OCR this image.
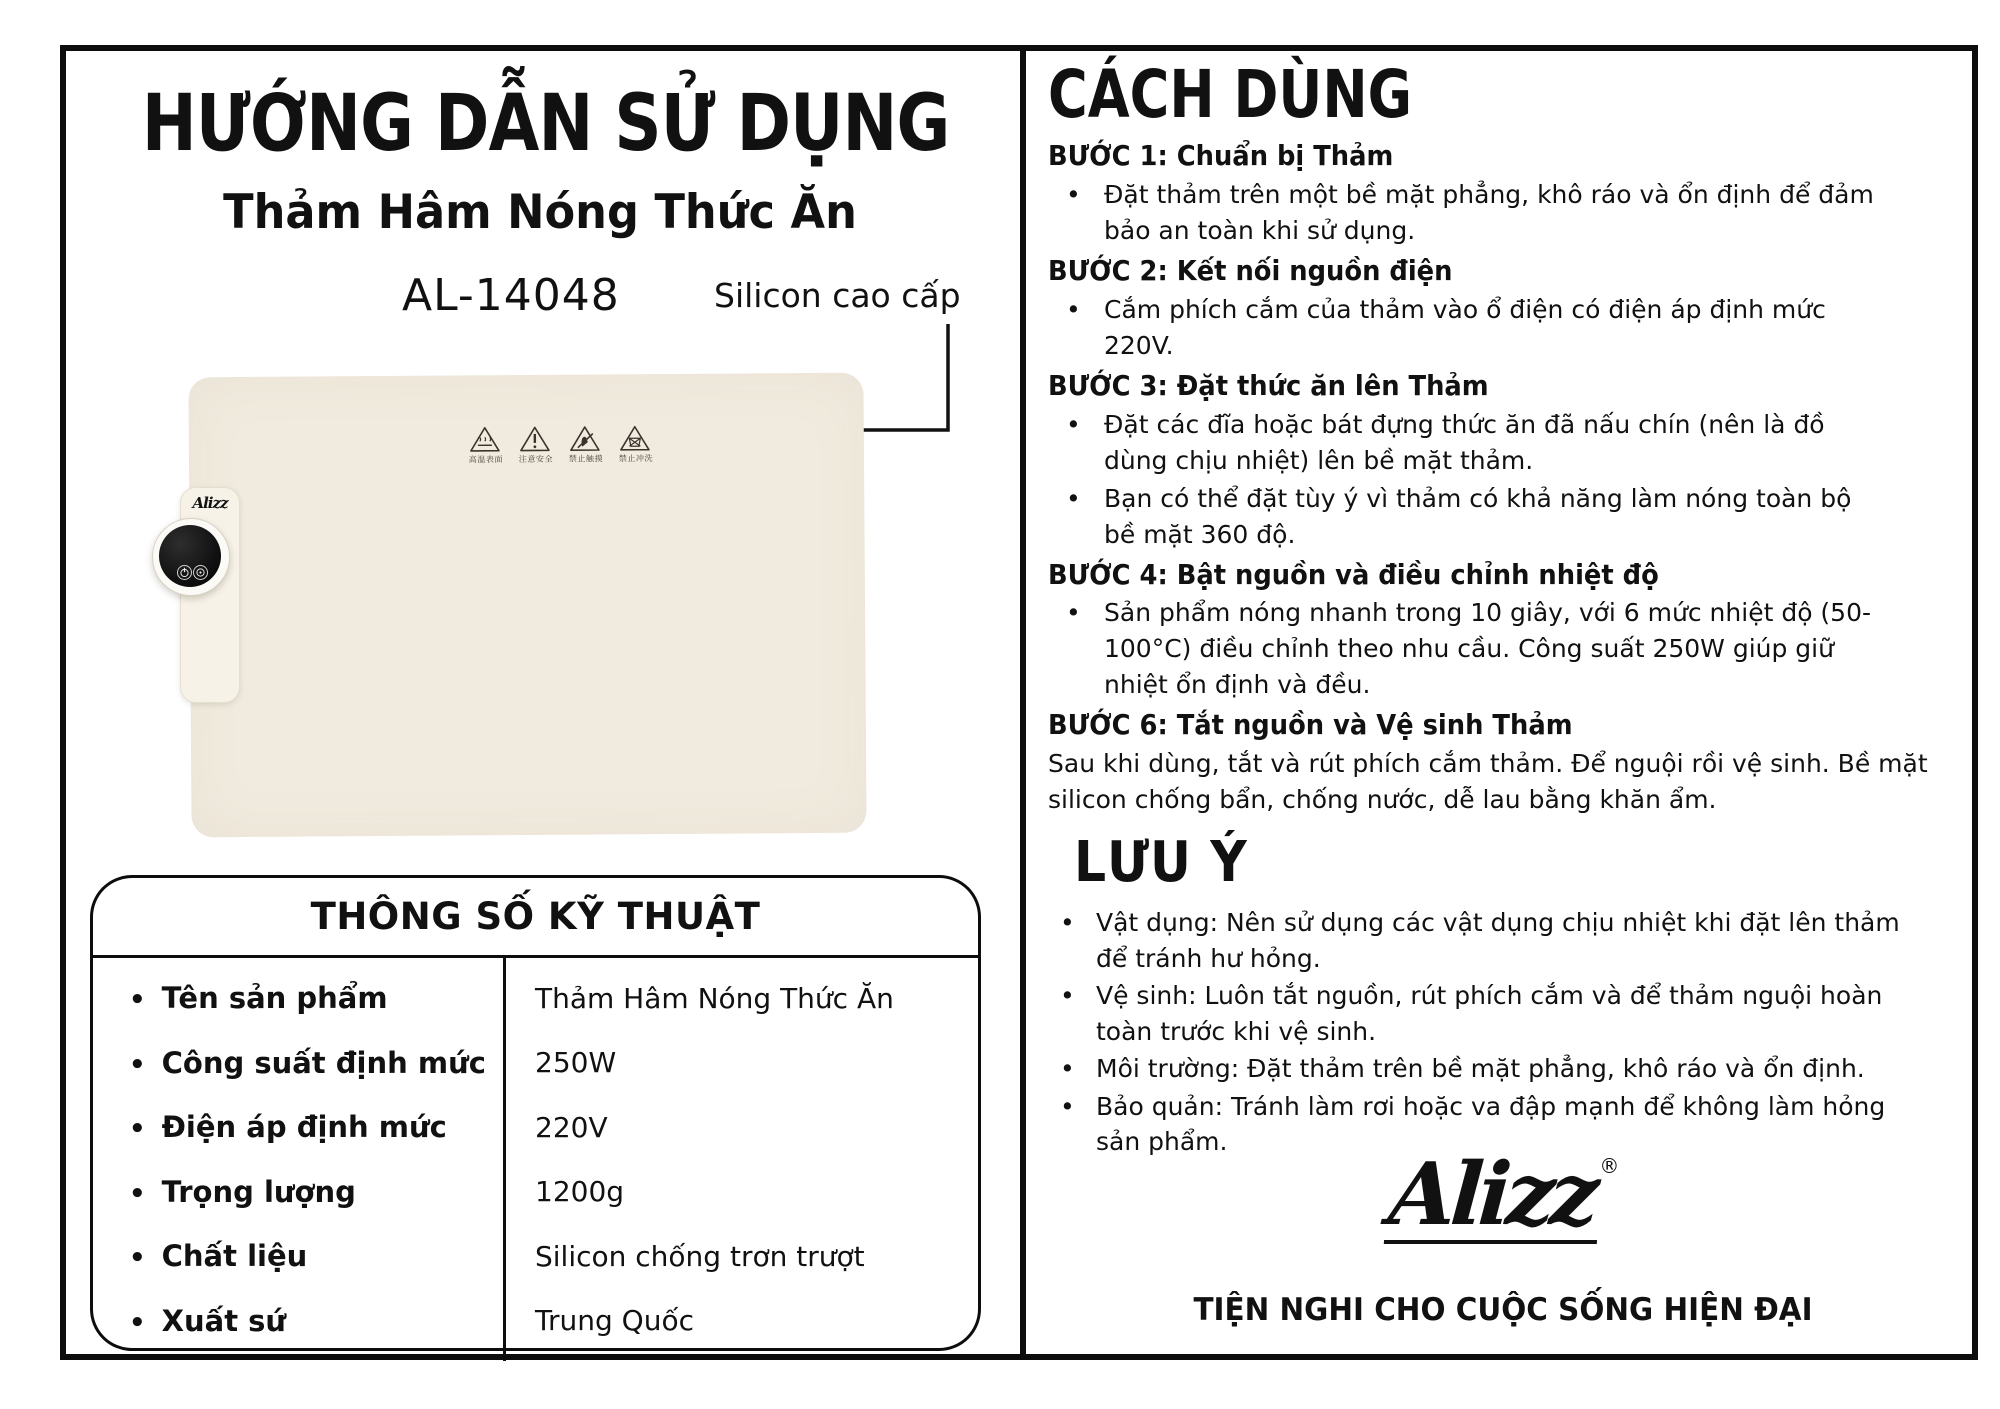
HƯỚNG DẪN SỬ DỤNG
Thảm Hâm Nóng Thức Ăn
AL-14048	Silicon cao cấp
高温表面 注意安全 禁止触摸 禁止冲洗
Alizz
THÔNG SỐ KỸ THUẬT
• Tên sản phẩm	Thảm Hâm Nóng Thức Ăn
• Công suất định mức	250W
• Điện áp định mức	220V
• Trọng lượng	1200g
• Chất liệu	Silicon chống trơn trượt
• Xuất sứ	Trung Quốc
CÁCH DÙNG
BƯỚC 1: Chuẩn bị Thảm
• Đặt thảm trên một bề mặt phẳng, khô ráo và ổn định để đảm bảo an toàn khi sử dụng.
BƯỚC 2: Kết nối nguồn điện
• Cắm phích cắm của thảm vào ổ điện có điện áp định mức 220V.
BƯỚC 3: Đặt thức ăn lên Thảm
• Đặt các đĩa hoặc bát đựng thức ăn đã nấu chín (nên là đồ dùng chịu nhiệt) lên bề mặt thảm.
• Bạn có thể đặt tùy ý vì thảm có khả năng làm nóng toàn bộ bề mặt 360 độ.
BƯỚC 4: Bật nguồn và điều chỉnh nhiệt độ
• Sản phẩm nóng nhanh trong 10 giây, với 6 mức nhiệt độ (50-100°C) điều chỉnh theo nhu cầu. Công suất 250W giúp giữ nhiệt ổn định và đều.
BƯỚC 6: Tắt nguồn và Vệ sinh Thảm

Sau khi dùng, tắt và rút phích cắm thảm. Để nguội rồi vệ sinh. Bề mặt silicon chống bẩn, chống nước, dễ lau bằng khăn ẩm.

LƯU Ý
• Vật dụng: Nên sử dụng các vật dụng chịu nhiệt khi đặt lên thảm để tránh hư hỏng.
• Vệ sinh: Luôn tắt nguồn, rút phích cắm và để thảm nguội hoàn toàn trước khi vệ sinh.
• Môi trường: Đặt thảm trên bề mặt phẳng, khô ráo và ổn định.
• Bảo quản: Tránh làm rơi hoặc va đập mạnh để không làm hỏng sản phẩm.
Alizz ®
TIỆN NGHI CHO CUỘC SỐNG HIỆN ĐẠI
